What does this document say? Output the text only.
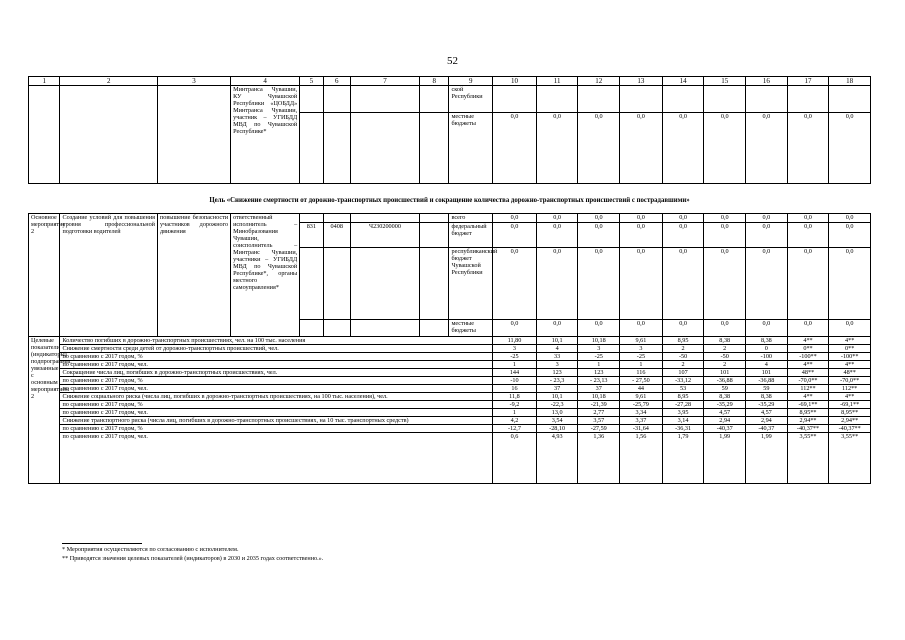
52
1	2	3	4	5	6	7	8	9	10	11	12	13	14	15	16	17	18
			Минтранса Чувашии, КУ Чувашской Республики «ЦОБДД» Минтранса Чувашии, участник – УГИБДД МВД по Чувашской Республике*					ской Республики									
								местные бюджеты	0,0	0,0	0,0	0,0	0,0	0,0	0,0	0,0	0,0
Цель «Снижение смертности от дорожно-транспортных происшествий и сокращение количества дорожно-транспортных происшествий с пострадавшими»
Основное мероприятие 2	Создание условий для повышения уровня профессиональной подготовки водителей	повышение безопасности участников дорожного движения	ответственный исполнитель – Минобразования Чувашии, соисполнитель – Минтранс Чувашии, участники – УГИБДД МВД по Чувашской Республике*, органы местного самоуправления*					всего	0,0	0,0	0,0	0,0	0,0	0,0	0,0	0,0	0,0
				831	0408	Ч230200000		федеральный бюджет	0,0	0,0	0,0	0,0	0,0	0,0	0,0	0,0	0,0
								республиканский бюджет Чувашской Республики	0,0	0,0	0,0	0,0	0,0	0,0	0,0	0,0	0,0
								местные бюджеты	0,0	0,0	0,0	0,0	0,0	0,0	0,0	0,0	0,0
Целевые показатели (индикаторы) подпрограммы, увязанные с основным мероприятием 2	Количество погибших в дорожно-транспортных происшествиях, чел. на 100 тыс. населения								11,80	10,1	10,18	9,61	8,95	8,38	8,38	4**	4**
	Снижение смертности среди детей от дорожно-транспортных происшествий, чел.								3	4	3	3	2	2	0	0**	0**
	по сравнению с 2017 годом, %								-25	33	-25	-25	-50	-50	-100	-100**	-100**
	по сравнению с 2017 годом, чел.								1	3	1	1	2	2	4	4**	4**
	Сокращение числа лиц, погибших в дорожно-транспортных происшествиях, чел.								144	123	123	116	107	101	101	48**	48**
	по сравнению с 2017 годом, %								-10	- 23,3	- 23,13	- 27,50	-33,12	-36,88	-36,88	-70,0**	-70,0**
	по сравнению с 2017 годом, чел.								16	37	37	44	53	59	59	112**	112**
	Снижение социального риска (числа лиц, погибших в дорожно-транспортных происшествиях, на 100 тыс. населения), чел.								11,8	10,1	10,18	9,61	8,95	8,38	8,38	4**	4**
	по сравнению с 2017 годом, %								-9,2	-22,3	-21,39	-25,79	-27,28	-35,29	-35,29	-69,1**	-69,1**
	по сравнению с 2017 годом, чел.								1	13,0	2,77	3,34	3,95	4,57	4,57	8,95**	8,95**
	Снижение транспортного риска (числа лиц, погибших в дорожно-транспортных происшествиях, на 10 тыс. транспортных средств)								4,2	3,54	3,57	3,37	3,14	2,94	2,94	2,94**	2,94**
	по сравнению с 2017 годом, %								-12,7	-28,10	-27,59	-31,64	-36,31	-40,37	-40,37	-40,37**	-40,37**
	по сравнению с 2017 годом, чел.								0,6	4,93	1,36	1,56	1,79	1,99	1,99	3,55**	3,55**
* Мероприятия осуществляются по согласованию с исполнителем.
** Приводятся значения целевых показателей (индикаторов) в 2030 и 2035 годах соответственно.».
